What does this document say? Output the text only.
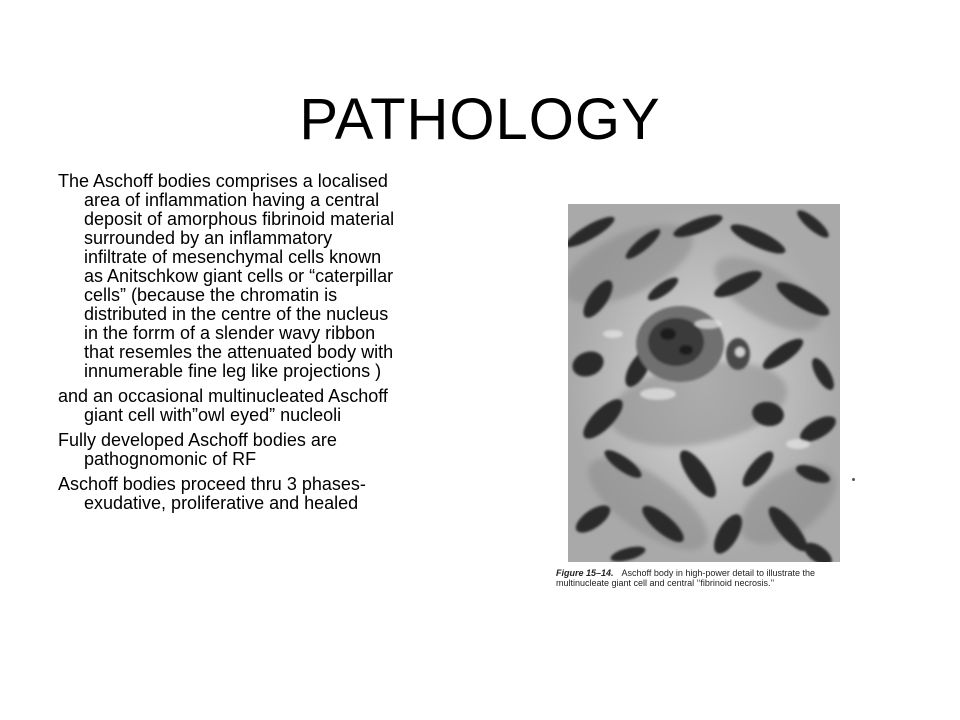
PATHOLOGY

The Aschoff bodies comprises a localised
area of inflammation having a central
deposit of amorphous fibrinoid material
surrounded by an inflammatory
infiltrate of mesenchymal cells known
as Anitschkow giant cells or “caterpillar
cells” (because the chromatin is
distributed in the centre of the nucleus
in the forrm of a slender wavy ribbon
that resemles the attenuated body with
innumerable fine leg like projections )

and an occasional multinucleated Aschoff
giant cell with”owl eyed” nucleoli

Fully developed Aschoff bodies are
pathognomonic of RF

Aschoff bodies proceed thru 3 phases-
exudative, proliferative and healed

Figure 15–14. Aschoff body in high-power detail to illustrate the multinucleate giant cell and central ‘‘fibrinoid necrosis.’’
